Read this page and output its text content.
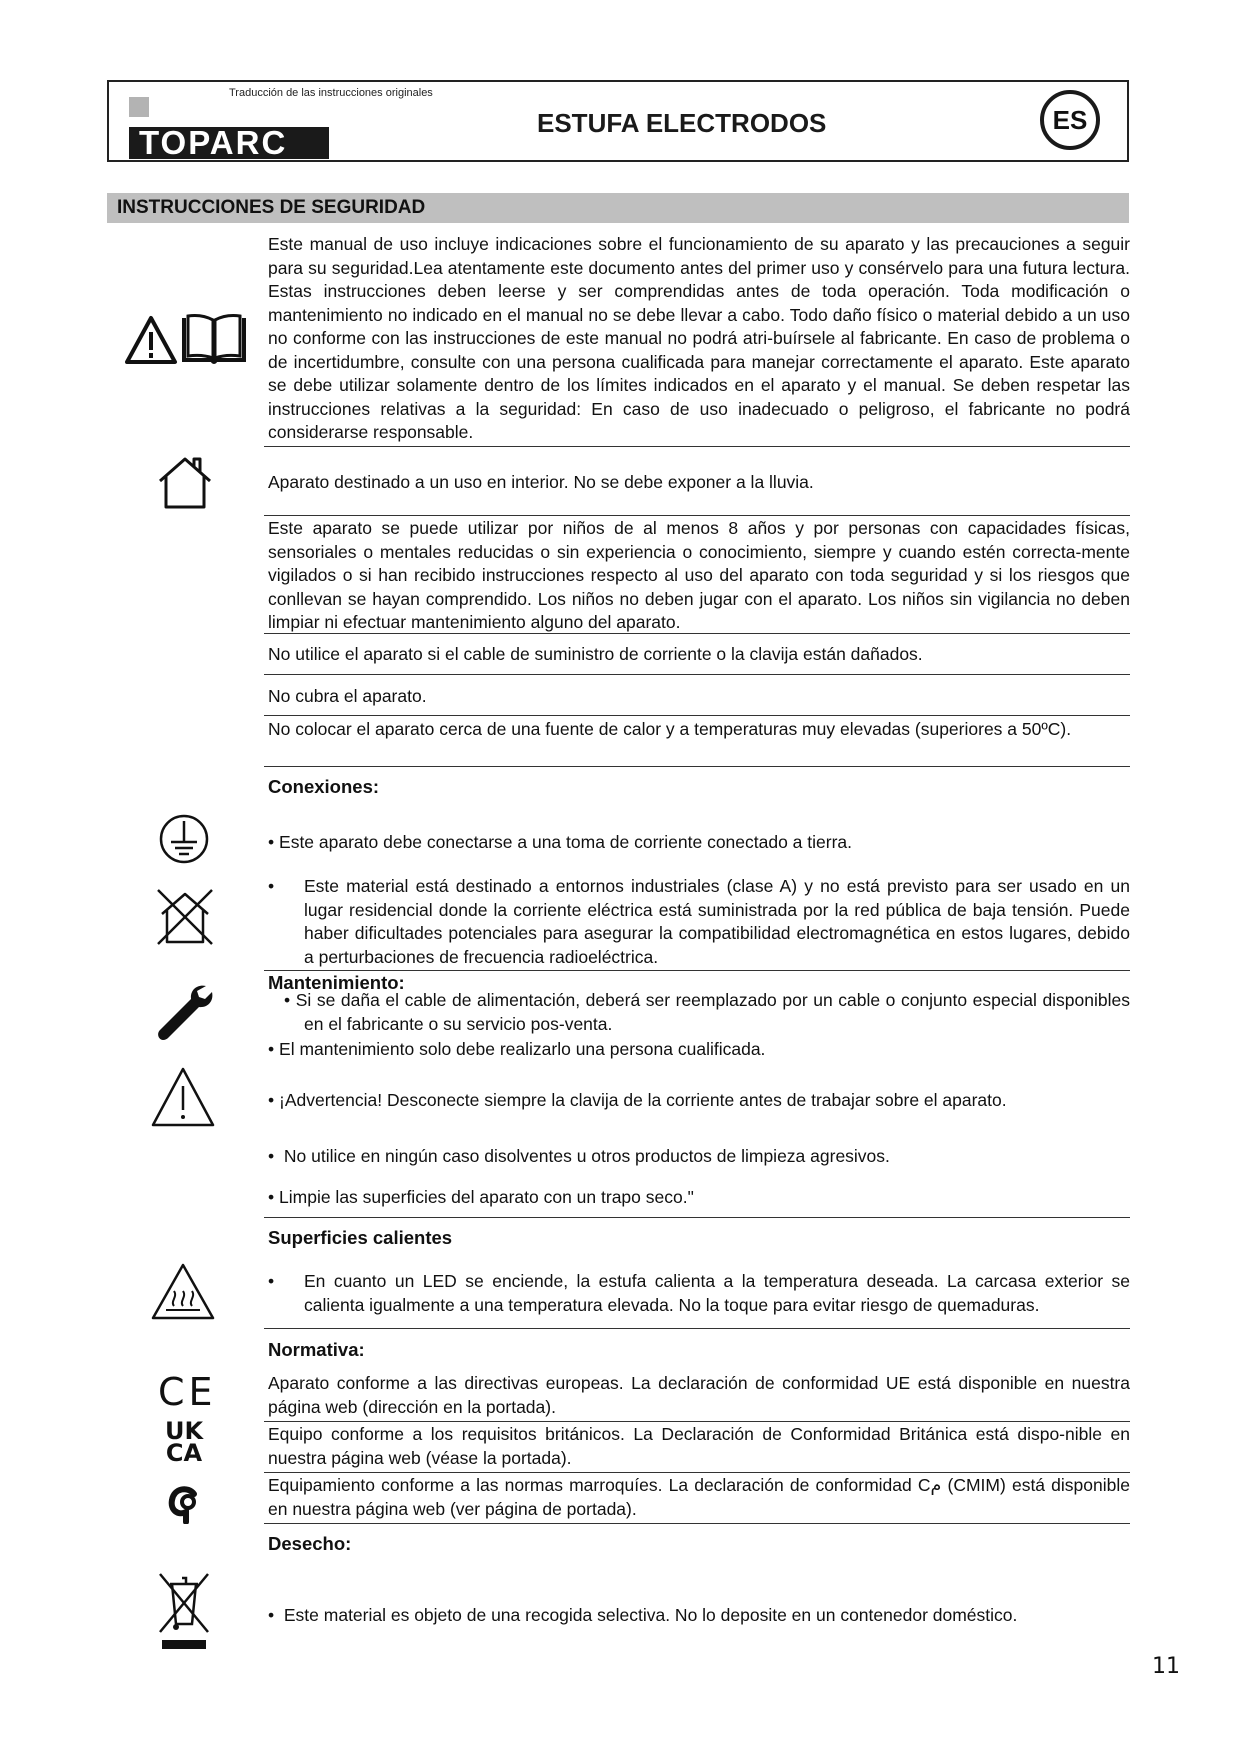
Traducción de las instrucciones originales
TOPARC
ESTUFA ELECTRODOS	ES
INSTRUCCIONES DE SEGURIDAD
Este manual de uso incluye indicaciones sobre el funcionamiento de su aparato y las precauciones a seguir para su seguridad.Lea atentamente este documento antes del primer uso y consérvelo para una futura lectura. Estas instrucciones deben leerse y ser comprendidas antes de toda operación. Toda modificación o mantenimiento no indicado en el manual no se debe llevar a cabo. Todo daño físico o material debido a un uso no conforme con las instrucciones de este manual no podrá atri-buírsele al fabricante. En caso de problema o de incertidumbre, consulte con una persona cualificada para manejar correctamente el aparato. Este aparato se debe utilizar solamente dentro de los límites indicados en el aparato y el manual. Se deben respetar las instrucciones relativas a la seguridad: En caso de uso inadecuado o peligroso, el fabricante no podrá considerarse responsable.
Aparato destinado a un uso en interior. No se debe exponer a la lluvia.
Este aparato se puede utilizar por niños de al menos 8 años y por personas con capacidades físicas, sensoriales o mentales reducidas o sin experiencia o conocimiento, siempre y cuando estén correcta-mente vigilados o si han recibido instrucciones respecto al uso del aparato con toda seguridad y si los riesgos que conllevan se hayan comprendido. Los niños no deben jugar con el aparato. Los niños sin vigilancia no deben limpiar ni efectuar mantenimiento alguno del aparato.
No utilice el aparato si el cable de suministro de corriente o la clavija están dañados.
No cubra el aparato.
No colocar el aparato cerca de una fuente de calor y a temperaturas muy elevadas (superiores a 50ºC).
Conexiones:
• Este aparato debe conectarse a una toma de corriente conectado a tierra.
• Este material está destinado a entornos industriales (clase A) y no está previsto para ser usado en un lugar residencial donde la corriente eléctrica está suministrada por la red pública de baja tensión. Puede haber dificultades potenciales para asegurar la compatibilidad electromagnética en estos lugares, debido a perturbaciones de frecuencia radioeléctrica.
Mantenimiento:
• Si se daña el cable de alimentación, deberá ser reemplazado por un cable o conjunto especial disponibles en el fabricante o su servicio pos-venta.
• El mantenimiento solo debe realizarlo una persona cualificada.
• ¡Advertencia! Desconecte siempre la clavija de la corriente antes de trabajar sobre el aparato.
• No utilice en ningún caso disolventes u otros productos de limpieza agresivos.
• Limpie las superficies del aparato con un trapo seco."
Superficies calientes
• En cuanto un LED se enciende, la estufa calienta a la temperatura deseada. La carcasa exterior se calienta igualmente a una temperatura elevada. No la toque para evitar riesgo de quemaduras.
Normativa:
CE
UK
CA
Aparato conforme a las directivas europeas. La declaración de conformidad UE está disponible en nuestra página web (dirección en la portada).
Equipo conforme a los requisitos británicos. La Declaración de Conformidad Británica está dispo-nible en nuestra página web (véase la portada).
Equipamiento conforme a las normas marroquíes. La declaración de conformidad Cم (CMIM) está disponible en nuestra página web (ver página de portada).
Desecho:
• Este material es objeto de una recogida selectiva. No lo deposite en un contenedor doméstico.
11
